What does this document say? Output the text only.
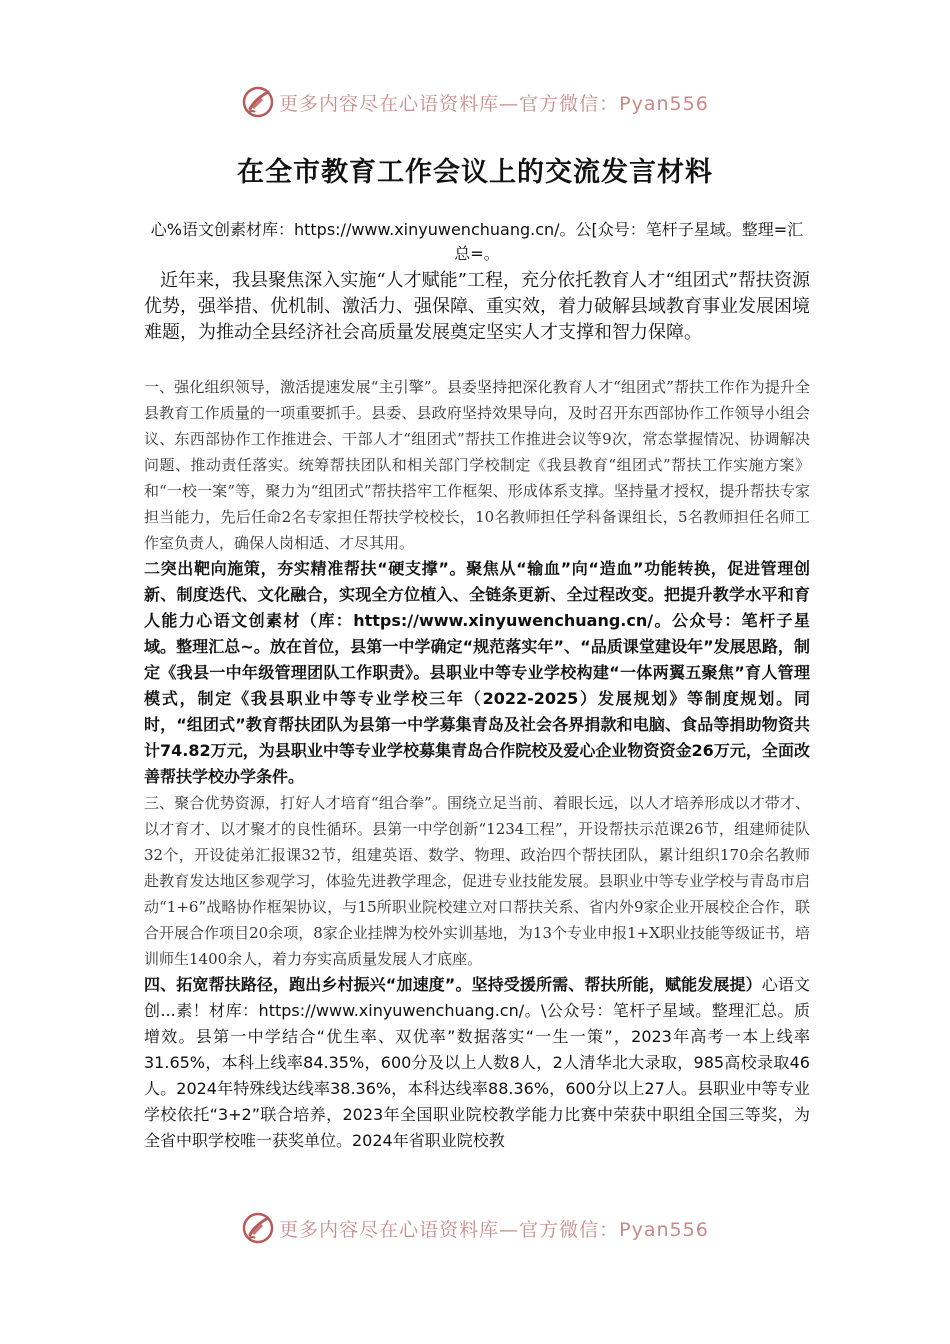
更多内容尽在心语资料库—官方微信：Pyan556
在全市教育工作会议上的交流发言材料

心%语文创素材库：https://www.xinyuwenchuang.cn/。公[众号：笔杆子星域。整理=汇总=。

近年来，我县聚焦深入实施“人才赋能”工程，充分依托教育人才“组团式”帮扶资源优势，强举措、优机制、激活力、强保障、重实效，着力破解县域教育事业发展困境难题，为推动全县经济社会高质量发展奠定坚实人才支撑和智力保障。

一、强化组织领导，激活提速发展“主引擎”。县委坚持把深化教育人才“组团式”帮扶工作作为提升全县教育工作质量的一项重要抓手。县委、县政府坚持效果导向，及时召开东西部协作工作领导小组会议、东西部协作工作推进会、干部人才“组团式”帮扶工作推进会议等9次，常态掌握情况、协调解决问题、推动责任落实。统筹帮扶团队和相关部门学校制定《我县教育“组团式”帮扶工作实施方案》和“一校一案”等，聚力为“组团式”帮扶搭牢工作框架、形成体系支撑。坚持量才授权，提升帮扶专家担当能力，先后任命2名专家担任帮扶学校校长，10名教师担任学科备课组长，5名教师担任名师工作室负责人，确保人岗相适、才尽其用。

二突出靶向施策，夯实精准帮扶“硬支撑”。聚焦从“输血”向“造血”功能转换，促进管理创新、制度迭代、文化融合，实现全方位植入、全链条更新、全过程改变。把提升教学水平和育人能力心语文创素材（库：https://www.xinyuwenchuang.cn/。公众号：笔杆子星域。整理汇总~。放在首位，县第一中学确定“规范落实年”、“品质课堂建设年”发展思路，制定《我县一中年级管理团队工作职责》。县职业中等专业学校构建“一体两翼五聚焦”育人管理模式，制定《我县职业中等专业学校三年（2022-2025）发展规划》等制度规划。同时，“组团式”教育帮扶团队为县第一中学募集青岛及社会各界捐款和电脑、食品等捐助物资共计74.82万元，为县职业中等专业学校募集青岛合作院校及爱心企业物资资金26万元，全面改善帮扶学校办学条件。

三、聚合优势资源，打好人才培育“组合拳”。围绕立足当前、着眼长远，以人才培养形成以才带才、以才育才、以才聚才的良性循环。县第一中学创新“1234工程”，开设帮扶示范课26节，组建师徒队32个，开设徒弟汇报课32节，组建英语、数学、物理、政治四个帮扶团队，累计组织170余名教师赴教育发达地区参观学习，体验先进教学理念，促进专业技能发展。县职业中等专业学校与青岛市启动“1+6”战略协作框架协议，与15所职业院校建立对口帮扶关系、省内外9家企业开展校企合作，联合开展合作项目20余项，8家企业挂牌为校外实训基地，为13个专业申报1+X职业技能等级证书，培训师生1400余人，着力夯实高质量发展人才底座。

四、拓宽帮扶路径，跑出乡村振兴“加速度”。坚持受援所需、帮扶所能，赋能发展提）心语文创...素！材库：https://www.xinyuwenchuang.cn/。\公众号：笔杆子星域。整理汇总。质增效。县第一中学结合“优生率、双优率”数据落实“一生一策”，2023年高考一本上线率31.65%，本科上线率84.35%，600分及以上人数8人，2人清华北大录取，985高校录取46人。2024年特殊线达线率38.36%，本科达线率88.36%，600分以上27人。县职业中等专业学校依托“3+2”联合培养，2023年全国职业院校教学能力比赛中荣获中职组全国三等奖，为全省中职学校唯一获奖单位。2024年省职业院校教

更多内容尽在心语资料库—官方微信：Pyan556
